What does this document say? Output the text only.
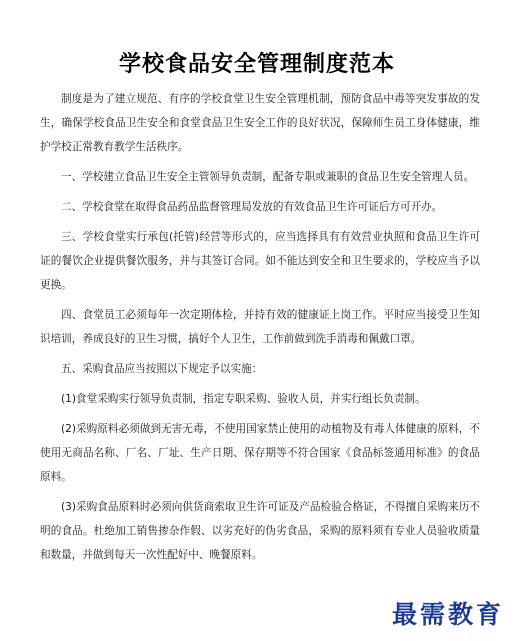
学校食品安全管理制度范本

制度是为了建立规范、有序的学校食堂卫生安全管理机制，预防食品中毒等突发事故的发生，确保学校食品卫生安全和食堂食品卫生安全工作的良好状况，保障师生员工身体健康，维护学校正常教育教学生活秩序。

一、学校建立食品卫生安全主管领导负责制，配备专职或兼职的食品卫生安全管理人员。

二、学校食堂在取得食品药品监督管理局发放的有效食品卫生许可证后方可开办。

三、学校食堂实行承包(托管)经营等形式的，应当选择具有有效营业执照和食品卫生许可证的餐饮企业提供餐饮服务，并与其签订合同。如不能达到安全和卫生要求的，学校应当予以更换。

四、食堂员工必须每年一次定期体检，并持有效的健康证上岗工作。平时应当接受卫生知识培训，养成良好的卫生习惯，搞好个人卫生，工作前做到洗手消毒和佩戴口罩。

五、采购食品应当按照以下规定予以实施：

(1)食堂采购实行领导负责制，指定专职采购、验收人员，并实行组长负责制。

(2)采购原料必须做到无害无毒，不使用国家禁止使用的动植物及有毒人体健康的原料，不使用无商品名称、厂名、厂址、生产日期、保存期等不符合国家《食品标签通用标准》的食品原料。

(3)采购食品原料时必须向供货商索取卫生许可证及产品检验合格证，不得擅自采购来历不明的食品。杜绝加工销售掺杂作假、以劣充好的伪劣食品，采购的原料须有专业人员验收质量和数量，并做到每天一次性配好中、晚餐原料。

最需教育
